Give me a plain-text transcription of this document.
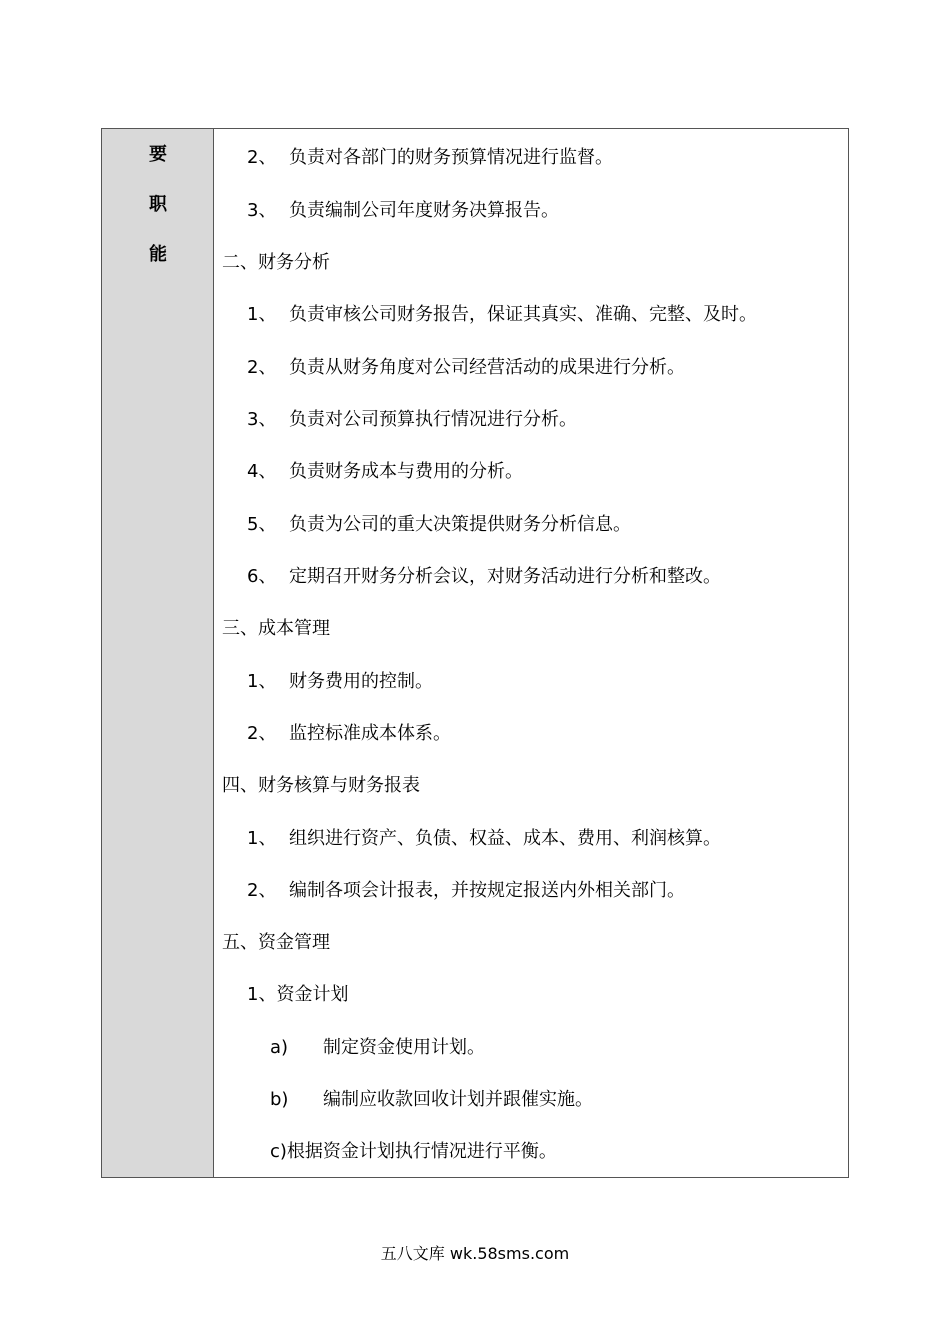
要
职
能
2、 负责对各部门的财务预算情况进行监督。
3、 负责编制公司年度财务决算报告。
二、财务分析
1、 负责审核公司财务报告，保证其真实、准确、完整、及时。
2、 负责从财务角度对公司经营活动的成果进行分析。
3、 负责对公司预算执行情况进行分析。
4、 负责财务成本与费用的分析。
5、 负责为公司的重大决策提供财务分析信息。
6、 定期召开财务分析会议，对财务活动进行分析和整改。
三、成本管理
1、 财务费用的控制。
2、 监控标准成本体系。
四、财务核算与财务报表
1、 组织进行资产、负债、权益、成本、费用、利润核算。
2、 编制各项会计报表，并按规定报送内外相关部门。
五、资金管理
1、资金计划
a) 制定资金使用计划。
b) 编制应收款回收计划并跟催实施。
c)根据资金计划执行情况进行平衡。
五八文库 wk.58sms.com
